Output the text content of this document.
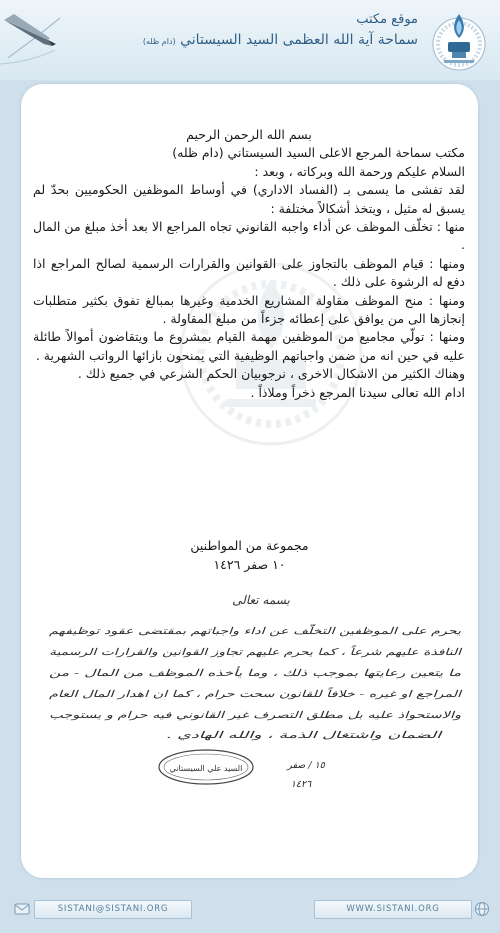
موقع مكتب
سماحة آية الله العظمى السيد السيستاني (دام ظله)

بسم الله الرحمن الرحيم

مكتب سماحة المرجع الاعلى السيد السيستاني (دام ظله)

السلام عليكم ورحمة الله وبركاته ، وبعد :

لقد تفشى ما يسمى بـ (الفساد الاداري) في أوساط الموظفين الحكوميين بحدّ لم يسبق له مثيل ، ويتخذ أشكالاً مختلفة :

منها : تخلّف الموظف عن أداء واجبه القانوني تجاه المراجع الا بعد أخذ مبلغ من المال .

ومنها : قيام الموظف بالتجاوز على القوانين والقرارات الرسمية لصالح المراجع اذا دفع له الرشوة على ذلك .

ومنها : منح الموظف مقاولة المشاريع الخدمية وغيرها بمبالغ تفوق بكثير متطلبات إنجازها الى من يوافق على إعطائه جزءاً من مبلغ المقاولة .

ومنها : تولّي مجاميع من الموظفين مهمة القيام بمشروع ما ويتقاضون أموالاً طائلة عليه في حين انه من ضمن واجباتهم الوظيفية التي يمنحون بازائها الرواتب الشهرية .

وهناك الكثير من الاشكال الاخرى ، نرجوبيان الحكم الشرعي في جميع ذلك .

ادام الله تعالى سيدنا المرجع ذخراً وملاذاً .

مجموعة من المواطنين
١٠ صفر ١٤٢٦
بسمه تعالى
يحرم على الموظفين التخلّف عن اداء واجباتهم بمقتضى عقود توظيفهم
النافذة عليهم شرعاً ، كما يحرم عليهم تجاوز القوانين والقرارات الرسمية
ما يتعين رعايتها بموجب ذلك ، وما يأخذه الموظف من المال - من
المراجع او غيره - خلافاً للقانون سحت حرام ، كما ان اهدار المال العام
والاستحواذ عليه بل مطلق التصرف غير القانوني فيه حرام و يستوجب
الضمان واشتغال الذمة ، والله الهادي .
السيد علي السيستاني	١٥ / صفر
١٤٢٦
SISTANI@SISTANI.ORG	WWW.SISTANI.ORG
